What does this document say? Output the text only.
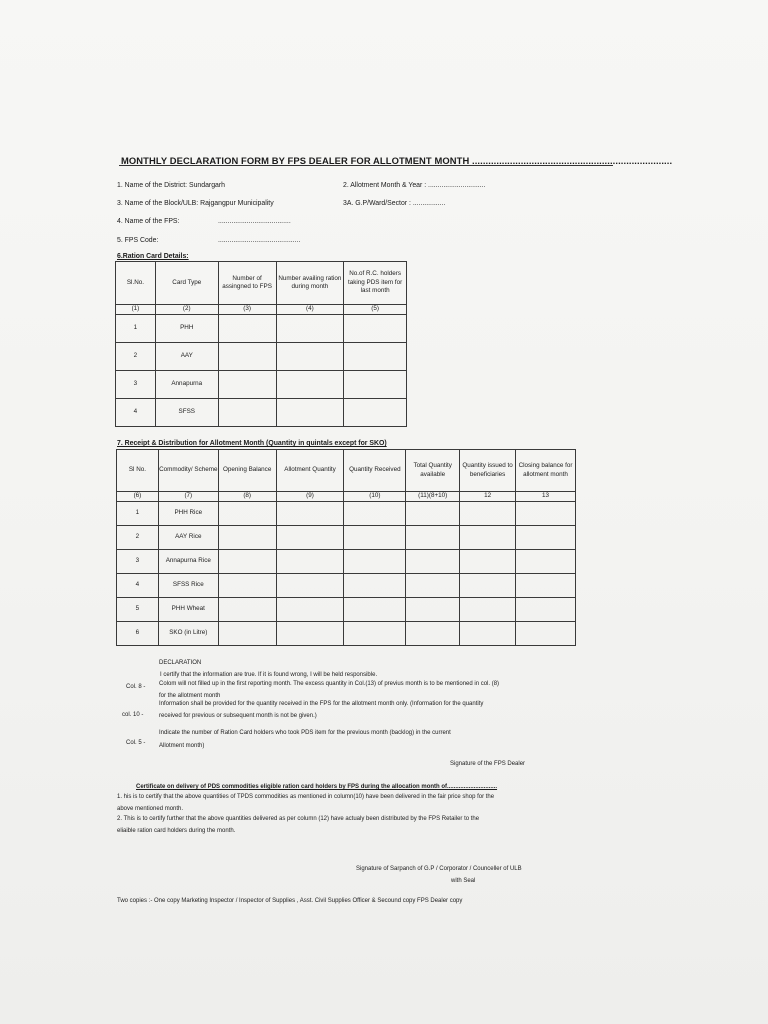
MONTHLY DECLARATION FORM BY FPS DEALER FOR ALLOTMENT MONTH ..........................................................................
1. Name of the District: Sundargarh	2. Allotment Month & Year : ..............................
3. Name of the Block/ULB: Rajgangpur Municipality	3A. G.P/Ward/Sector : .................
4. Name of the FPS:	......................................
5. FPS Code:	...........................................
6.Ration Card Details:
Sl.No.	Card Type	Number of assingned to FPS	Number availing ration during month	No.of R.C. holders taking PDS item for last month
(1)	(2)	(3)	(4)	(5)
1	PHH			
2	AAY			
3	Annapurna			
4	SFSS			
7. Receipt & Distribution for Allotment Month (Quantity in quintals except for SKO)
Sl No.	Commodity/ Scheme	Opening Balance	Allotment Quantity	Quantity Received	Total Quantity available	Quantity issued to beneficiaries	Closing balance for allotment month
(6)	(7)	(8)	(9)	(10)	(11)(8+10)	12	13
1	PHH Rice						
2	AAY Rice						
3	Annapurna Rice						
4	SFSS Rice						
5	PHH Wheat						
6	SKO (in Litre)						
DECLARATION
I certify that the information are true. If it is found wrong, I will be held responsible.
Col. 8 - Colom will not filled up in the first reporting month. The excess quantity in Col.(13) of previus month is to be mentioned in col. (8)
for the allotment month
col. 10 -
Information shall be provided for the quantity received in the FPS for the allotment month only. (Information for the quantity
received for previous or subsequent month is not be given.)
Col. 5 -
Indicate the number of Ration Card holders who took PDS item for the previous month (backlog) in the current
Allotment month)
Signature of the FPS Dealer
Certificate on delivery of PDS commodities eligible ration card holders by FPS during the allocation month of..............................
1. his is to certify that the above quantities of TPDS commodities as mentioned in column(10) have been delivered in the fair price shop for the
above mentioned month.
2. This is to certify further that the above quantities delivered as per column (12) have actualy been distributed by the FPS Retailer to the
eliaible ration card holders during the month.
Signature of Sarpanch of G.P / Corporator / Counceller of ULB
with Seal
Two copies :- One copy Marketing Inspector / Inspector of Supplies , Asst. Civil Supplies Officer & Secound copy FPS Dealer copy
